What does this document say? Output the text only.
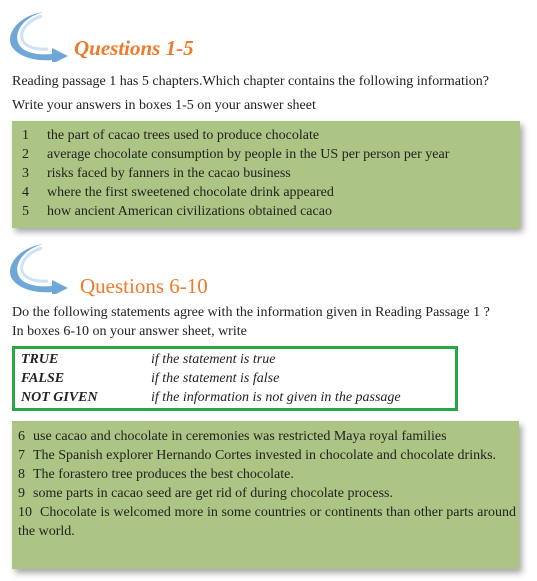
Questions 1-5
Reading passage 1 has 5 chapters.Which chapter contains the following information?
Write your answers in boxes 1-5 on your answer sheet
1	the part of cacao trees used to produce chocolate
2	average chocolate consumption by people in the US per person per year
3	risks faced by fanners in the cacao business
4	where the first sweetened chocolate drink appeared
5	how ancient American civilizations obtained cacao
Questions 6-10
Do the following statements agree with the information given in Reading Passage 1 ?
In boxes 6-10 on your answer sheet, write
TRUE	if the statement is true
FALSE	if the statement is false
NOT GIVEN	if the information is not given in the passage
6 use cacao and chocolate in ceremonies was restricted Maya royal families
7 The Spanish explorer Hernando Cortes invested in chocolate and chocolate drinks.
8 The forastero tree produces the best chocolate.
9 some parts in cacao seed are get rid of during chocolate process.
10 Chocolate is welcomed more in some countries or continents than other parts around the world.
